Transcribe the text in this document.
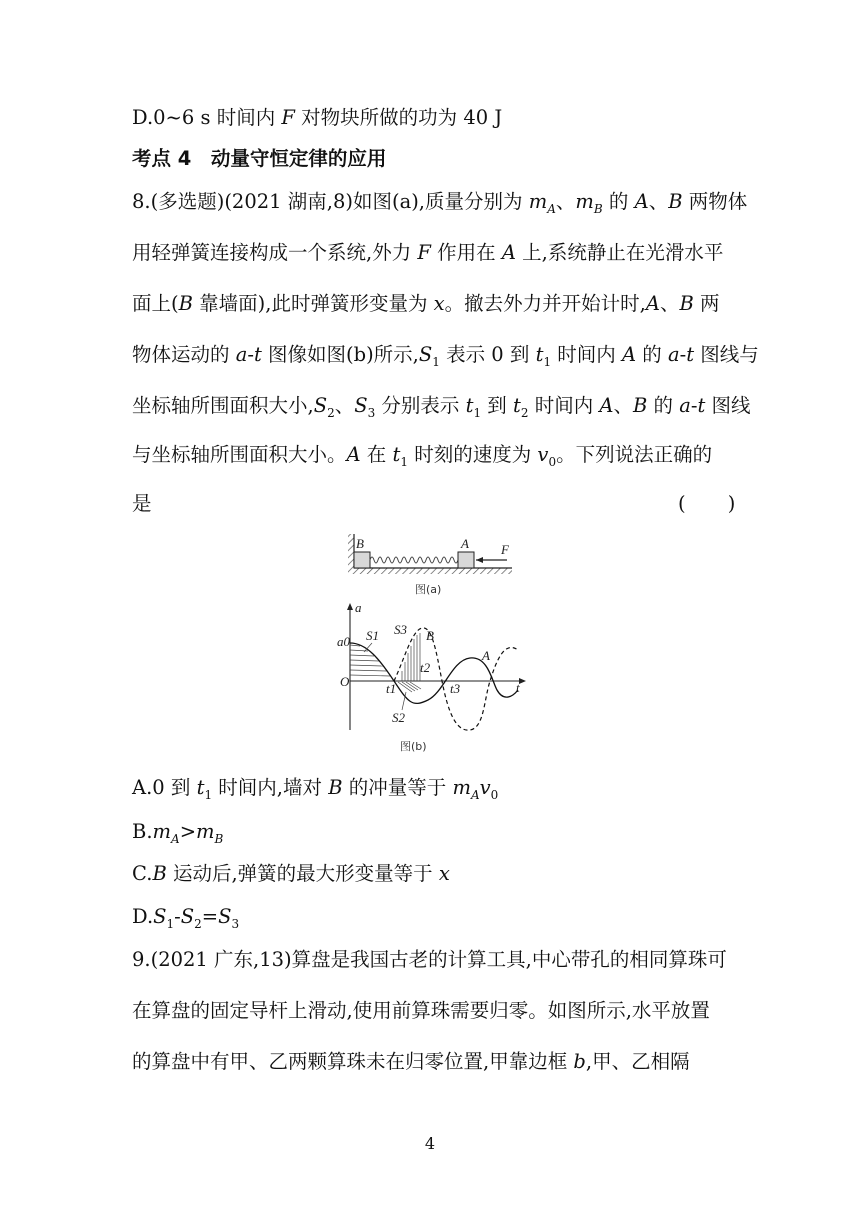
D.0~6 s 时间内 F 对物块所做的功为 40 J
考点 4　动量守恒定律的应用
8.(多选题)(2021 湖南,8)如图(a),质量分别为 $m_A$、$m_B$ 的 A、B 两物体
用轻弹簧连接构成一个系统,外力 F 作用在 A 上,系统静止在光滑水平
面上(B 靠墙面),此时弹簧形变量为 x。撤去外力并开始计时,A、B 两
物体运动的 a-t 图像如图(b)所示$,S_1$ 表示 0 到 $t_1$ 时间内 A 的 a-t 图线与
坐标轴所围面积大小$,S_2$、$S_3$ 分别表示 $t_1$ 到 $t_2$ 时间内 A、B 的 a-t 图线
与坐标轴所围面积大小。A 在 $t_1$ 时刻的速度为 $v_0$。下列说法正确的
是	( )
B	A F
图(a)
a
t
O
a0 S1 S3 B
t1
t2
t3
A
S2
图(b)
A.0 到 $t_1$ 时间内,墙对 B 的冲量等于 $m_Av_0$
$B.m_A>m_B$
C.B 运动后,弹簧的最大形变量等于 x
$D.S_1-S_2=S_3$
9.(2021 广东,13)算盘是我国古老的计算工具,中心带孔的相同算珠可
在算盘的固定导杆上滑动,使用前算珠需要归零。如图所示,水平放置
的算盘中有甲、乙两颗算珠未在归零位置,甲靠边框 b,甲、乙相隔
4
